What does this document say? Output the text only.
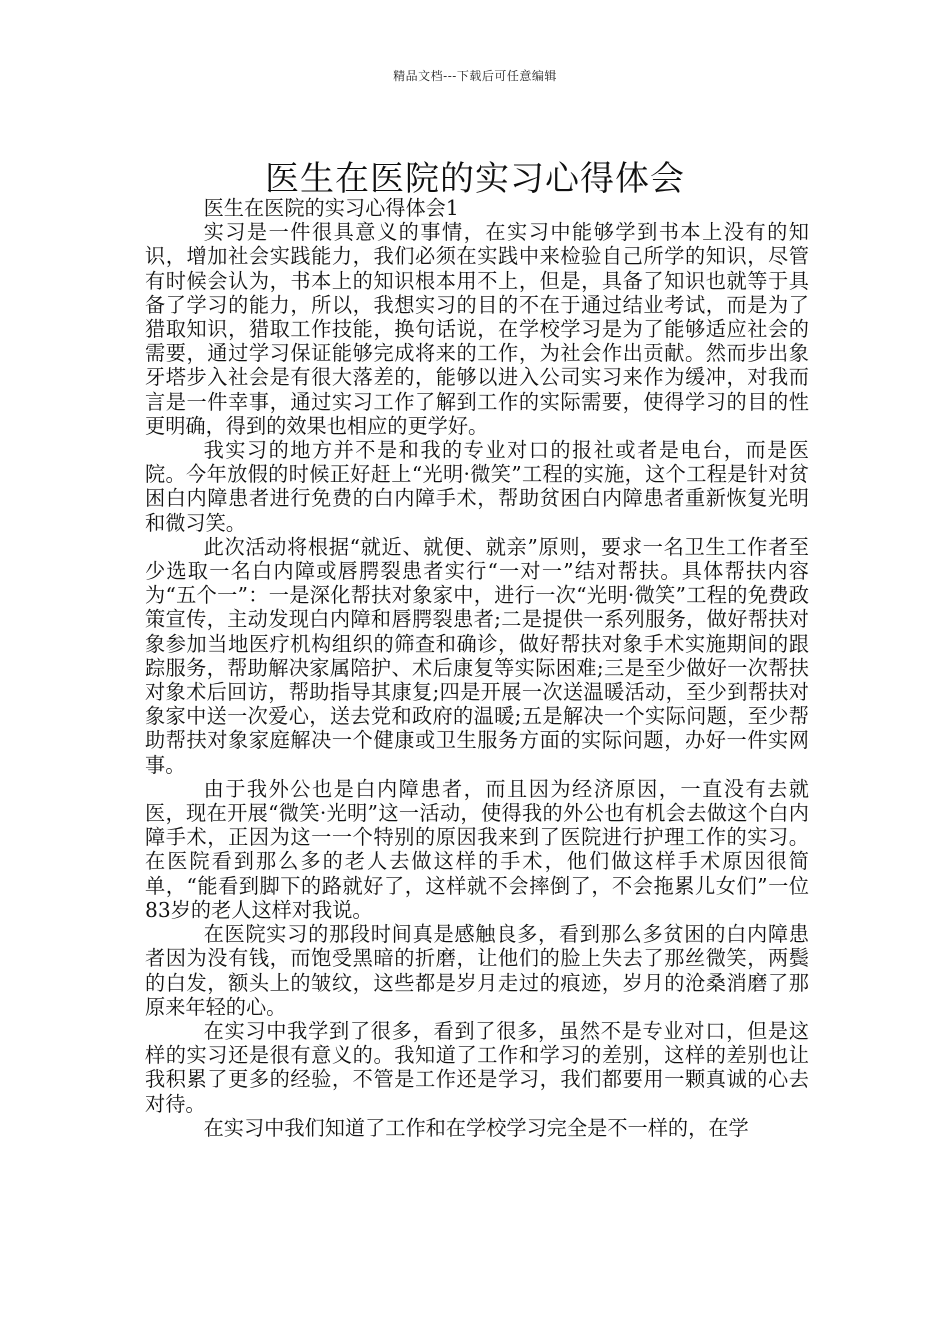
精品文档---下载后可任意编辑
医生在医院的实习心得体会

医生在医院的实习心得体会1

实习是一件很具意义的事情，在实习中能够学到书本上没有的知识，增加社会实践能力，我们必须在实践中来检验自己所学的知识，尽管有时候会认为，书本上的知识根本用不上，但是，具备了知识也就等于具备了学习的能力，所以，我想实习的目的不在于通过结业考试，而是为了猎取知识，猎取工作技能，换句话说，在学校学习是为了能够适应社会的需要，通过学习保证能够完成将来的工作，为社会作出贡献。然而步出象牙塔步入社会是有很大落差的，能够以进入公司实习来作为缓冲，对我而言是一件幸事，通过实习工作了解到工作的实际需要，使得学习的目的性更明确，得到的效果也相应的更学好。

我实习的地方并不是和我的专业对口的报社或者是电台，而是医院。今年放假的时候正好赶上“光明·微笑”工程的实施，这个工程是针对贫困白内障患者进行免费的白内障手术，帮助贫困白内障患者重新恢复光明和微习笑。

此次活动将根据“就近、就便、就亲”原则，要求一名卫生工作者至少选取一名白内障或唇腭裂患者实行“一对一”结对帮扶。具体帮扶内容为“五个一”：一是深化帮扶对象家中，进行一次“光明·微笑”工程的免费政策宣传，主动发现白内障和唇腭裂患者;二是提供一系列服务，做好帮扶对象参加当地医疗机构组织的筛查和确诊，做好帮扶对象手术实施期间的跟踪服务，帮助解决家属陪护、术后康复等实际困难;三是至少做好一次帮扶对象术后回访，帮助指导其康复;四是开展一次送温暖活动，至少到帮扶对象家中送一次爱心，送去党和政府的温暖;五是解决一个实际问题，至少帮助帮扶对象家庭解决一个健康或卫生服务方面的实际问题，办好一件实网事。

由于我外公也是白内障患者，而且因为经济原因，一直没有去就医，现在开展“微笑·光明”这一活动，使得我的外公也有机会去做这个白内障手术，正因为这一一个特别的原因我来到了医院进行护理工作的实习。在医院看到那么多的老人去做这样的手术，他们做这样手术原因很简单，“能看到脚下的路就好了，这样就不会摔倒了，不会拖累儿女们”一位83岁的老人这样对我说。

在医院实习的那段时间真是感触良多，看到那么多贫困的白内障患者因为没有钱，而饱受黑暗的折磨，让他们的脸上失去了那丝微笑，两鬓的白发，额头上的皱纹，这些都是岁月走过的痕迹，岁月的沧桑消磨了那原来年轻的心。

在实习中我学到了很多，看到了很多，虽然不是专业对口，但是这样的实习还是很有意义的。我知道了工作和学习的差别，这样的差别也让我积累了更多的经验，不管是工作还是学习，我们都要用一颗真诚的心去对待。

在实习中我们知道了工作和在学校学习完全是不一样的，在学
